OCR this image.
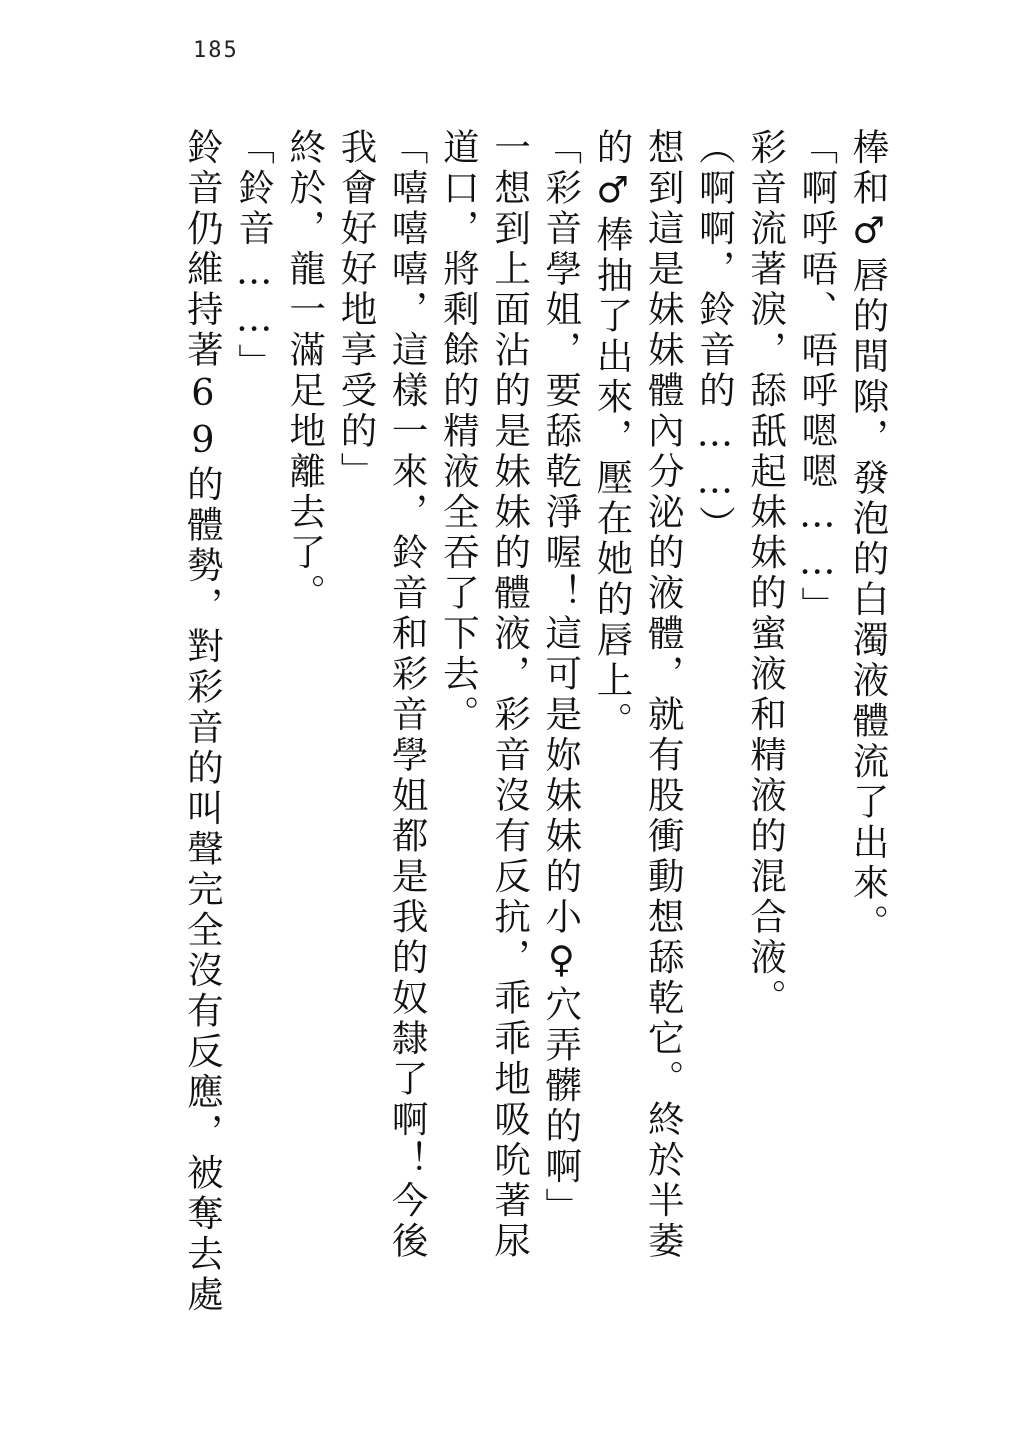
185
棒和♂唇的間隙，發泡的白濁液體流了出來。
「啊呼唔、唔呼嗯嗯……」
彩音流著淚，舔舐起妹妹的蜜液和精液的混合液。
（啊啊，鈴音的……）
想到這是妹妹體內分泌的液體，就有股衝動想舔乾它。終於半萎
的♂棒抽了出來，壓在她的唇上。
「彩音學姐，要舔乾淨喔！這可是妳妹妹的小♀穴弄髒的啊」
一想到上面沾的是妹妹的體液，彩音沒有反抗，乖乖地吸吮著尿
道口，將剩餘的精液全吞了下去。
「嘻嘻嘻，這樣一來，鈴音和彩音學姐都是我的奴隸了啊！今後
我會好好地享受的」
終於，龍一滿足地離去了。
「鈴音……」
鈴音仍維持著69的體勢，對彩音的叫聲完全沒有反應，被奪去處
